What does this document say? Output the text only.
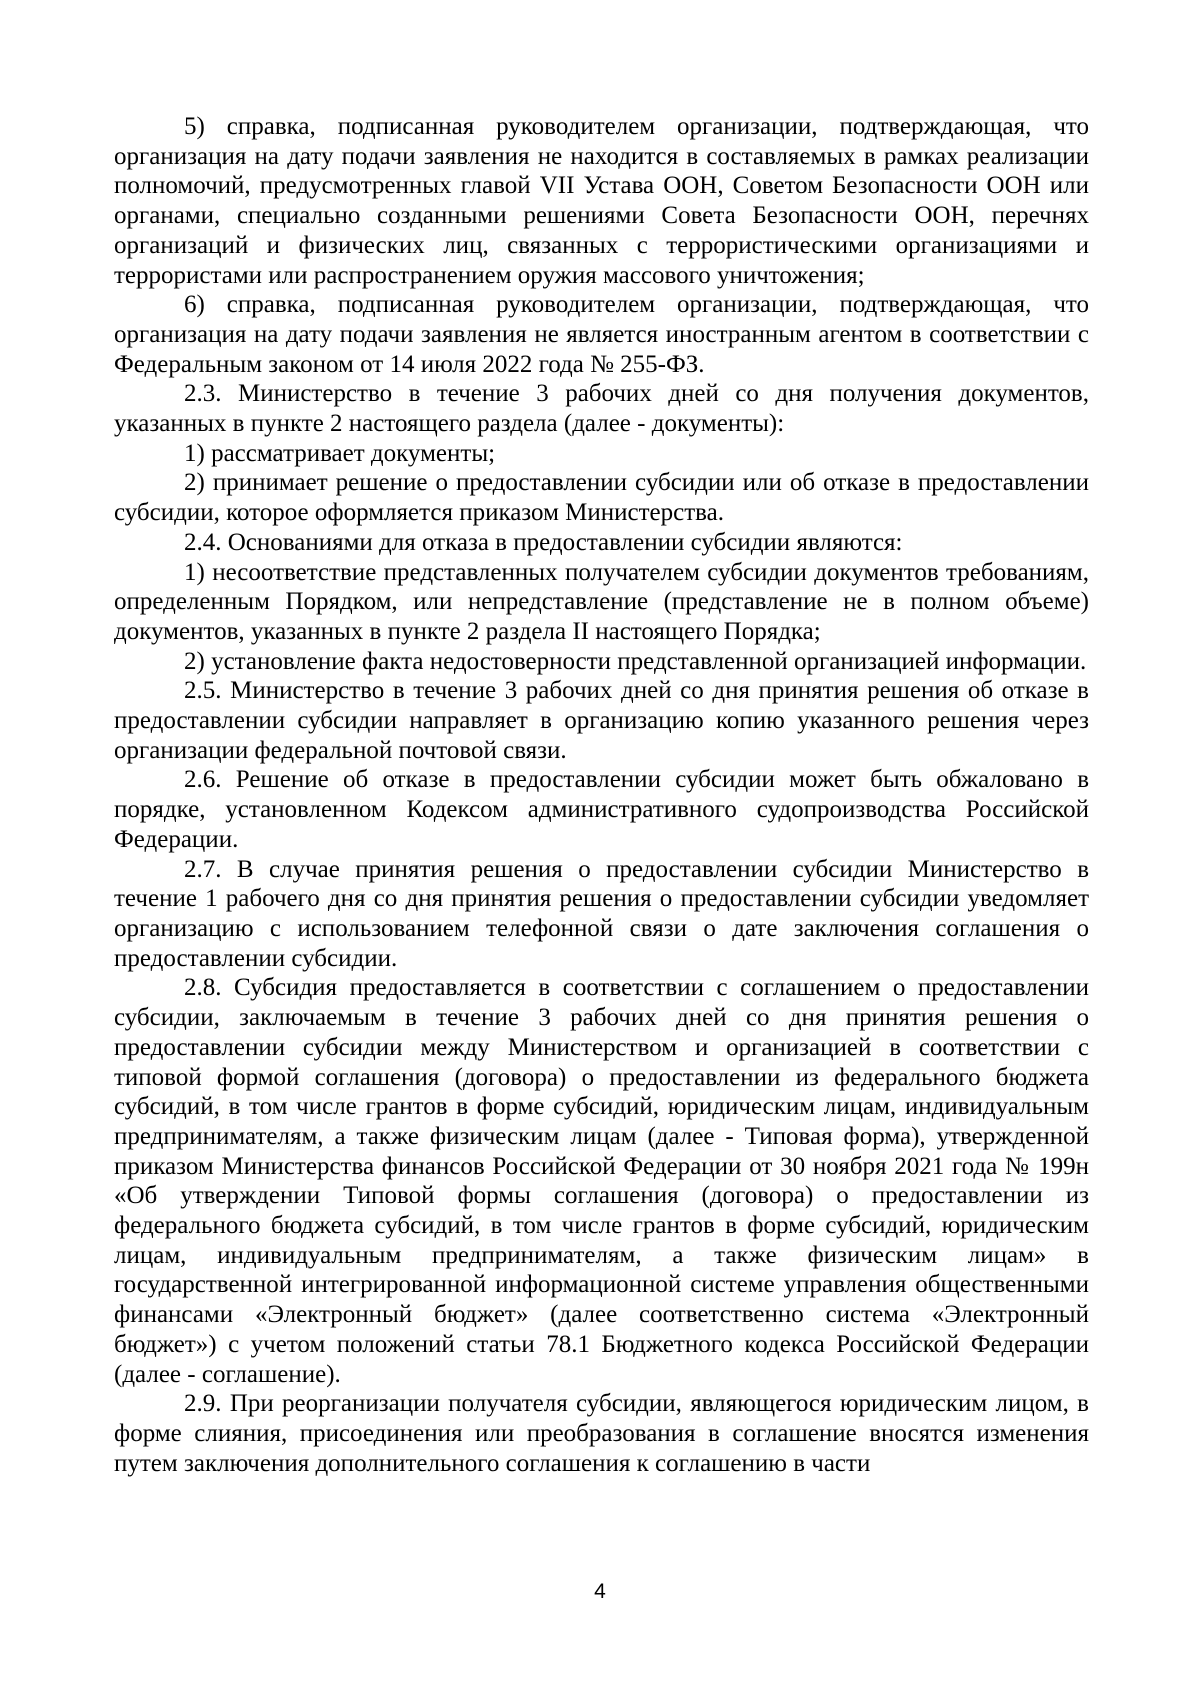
5) справка, подписанная руководителем организации, подтверждающая, что организация на дату подачи заявления не находится в составляемых в рамках реализации полномочий, предусмотренных главой VII Устава ООН, Советом Безопасности ООН или органами, специально созданными решениями Совета Безопасности ООН, перечнях организаций и физических лиц, связанных с террористическими организациями и террористами или распространением оружия массового уничтожения;

6) справка, подписанная руководителем организации, подтверждающая, что организация на дату подачи заявления не является иностранным агентом в соответствии с Федеральным законом от 14 июля 2022 года № 255-ФЗ.

2.3. Министерство в течение 3 рабочих дней со дня получения документов, указанных в пункте 2 настоящего раздела (далее - документы):

1) рассматривает документы;

2) принимает решение о предоставлении субсидии или об отказе в предоставлении субсидии, которое оформляется приказом Министерства.

2.4. Основаниями для отказа в предоставлении субсидии являются:

1) несоответствие представленных получателем субсидии документов требованиям, определенным Порядком, или непредставление (представление не в полном объеме) документов, указанных в пункте 2 раздела II настоящего Порядка;

2) установление факта недостоверности представленной организацией информации.

2.5. Министерство в течение 3 рабочих дней со дня принятия решения об отказе в предоставлении субсидии направляет в организацию копию указанного решения через организации федеральной почтовой связи.

2.6. Решение об отказе в предоставлении субсидии может быть обжаловано в порядке, установленном Кодексом административного судопроизводства Российской Федерации.

2.7. В случае принятия решения о предоставлении субсидии Министерство в течение 1 рабочего дня со дня принятия решения о предоставлении субсидии уведомляет организацию с использованием телефонной связи о дате заключения соглашения о предоставлении субсидии.

2.8. Субсидия предоставляется в соответствии с соглашением о предоставлении субсидии, заключаемым в течение 3 рабочих дней со дня принятия решения о предоставлении субсидии между Министерством и организацией в соответствии с типовой формой соглашения (договора) о предоставлении из федерального бюджета субсидий, в том числе грантов в форме субсидий, юридическим лицам, индивидуальным предпринимателям, а также физическим лицам (далее - Типовая форма), утвержденной приказом Министерства финансов Российской Федерации от 30 ноября 2021 года № 199н «Об утверждении Типовой формы соглашения (договора) о предоставлении из федерального бюджета субсидий, в том числе грантов в форме субсидий, юридическим лицам, индивидуальным предпринимателям, а также физическим лицам» в государственной интегрированной информационной системе управления общественными финансами «Электронный бюджет» (далее соответственно система «Электронный бюджет») с учетом положений статьи 78.1 Бюджетного кодекса Российской Федерации (далее - соглашение).

2.9. При реорганизации получателя субсидии, являющегося юридическим лицом, в форме слияния, присоединения или преобразования в соглашение вносятся изменения путем заключения дополнительного соглашения к соглашению в части

4
